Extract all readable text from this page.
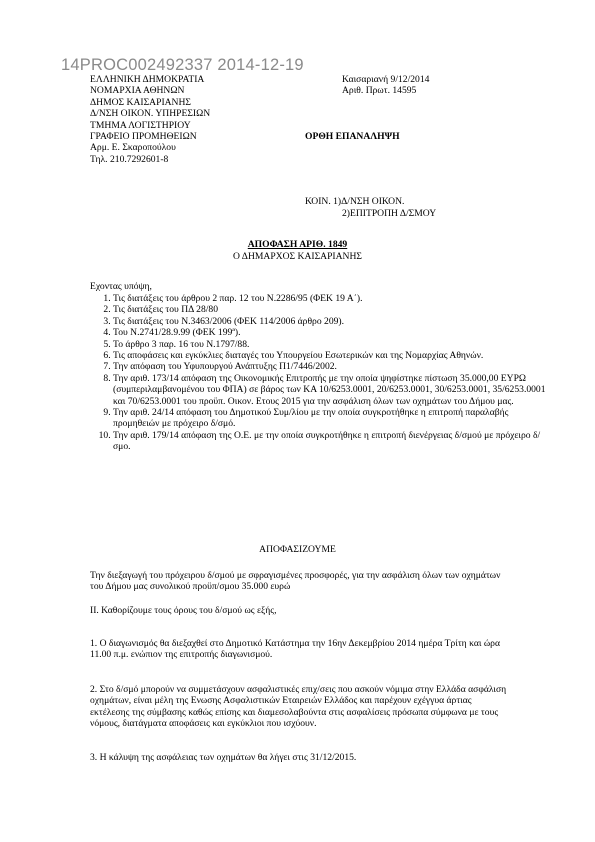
14PROC002492337 2014-12-19
ΕΛΛΗΝΙΚΗ ΔΗΜΟΚΡΑΤΙΑ
ΝΟΜΑΡΧΙΑ ΑΘΗΝΩΝ
ΔΗΜΟΣ ΚΑΙΣΑΡΙΑΝΗΣ
Δ/ΝΣΗ ΟΙΚΟΝ. ΥΠΗΡΕΣΙΩΝ
ΤΜΗΜΑ ΛΟΓΙΣΤΗΡΙΟΥ
ΓΡΑΦΕΙΟ ΠΡΟΜΗΘΕΙΩΝ
Αρμ. Ε. Σκαροπούλου
Τηλ. 210.7292601-8
Καισαριανή 9/12/2014
Αριθ. Πρωτ. 14595
ΟΡΘΗ ΕΠΑΝΑΛΗΨΗ
ΚΟΙΝ. 1)Δ/ΝΣΗ ΟΙΚΟΝ.
2)ΕΠΙΤΡΟΠΗ Δ/ΣΜΟΥ
ΑΠΟΦΑΣΗ ΑΡΙΘ. 1849
Ο ΔΗΜΑΡΧΟΣ ΚΑΙΣΑΡΙΑΝΗΣ
Εχοντας υπόψη,
1. Τις διατάξεις του άρθρου 2 παρ. 12 του Ν.2286/95 (ΦΕΚ 19 Α΄).
2. Τις διατάξεις του ΠΔ 28/80
3. Τις διατάξεις του Ν.3463/2006 (ΦΕΚ 114/2006 άρθρο 209).
4. Του Ν.2741/28.9.99 (ΦΕΚ 199ª).
5. Το άρθρο 3 παρ. 16 του Ν.1797/88.
6. Τις αποφάσεις και εγκύκλιες διαταγές του Υπουργείου Εσωτερικών και της Νομαρχίας Αθηνών.
7. Την απόφαση του Υφυπουργού Ανάπτυξης Π1/7446/2002.
8. Την αριθ. 173/14 απόφαση της Οικονομικής Επιτροπής με την οποία ψηφίστηκε πίστωση 35.000,00 ΕΥΡΩ (συμπεριλαμβανομένου του ΦΠΑ) σε βάρος των ΚΑ 10/6253.0001, 20/6253.0001, 30/6253.0001, 35/6253.0001 και 70/6253.0001 του προϋπ. Οικον. Ετους 2015 για την ασφάλιση όλων των οχημάτων του Δήμου μας.
9. Την αριθ. 24/14 απόφαση του Δημοτικού Συμ/λίου με την οποία συγκροτήθηκε η επιτροπή παραλαβής προμηθειών με πρόχειρο δ/σμό.
10. Την αριθ. 179/14 απόφαση της Ο.Ε. με την οποία συγκροτήθηκε η επιτροπή διενέργειας δ/σμού με πρόχειρο δ/σμο.
ΑΠΟΦΑΣΙΖΟΥΜΕ
Την διεξαγωγή του πρόχειρου δ/σμού με σφραγισμένες προσφορές, για την ασφάλιση όλων των οχημάτων του Δήμου μας συνολικού προϋπ/σμου 35.000 ευρώ
II. Καθορίζουμε τους όρους του δ/σμού ως εξής,
1. Ο διαγωνισμός θα διεξαχθεί στο Δημοτικό Κατάστημα την 16ην Δεκεμβρίου 2014 ημέρα Τρίτη και ώρα 11.00 π.μ. ενώπιον της επιτροπής διαγωνισμού.
2. Στο δ/σμό μπορούν να συμμετάσχουν ασφαλιστικές επιχ/σεις που ασκούν νόμιμα στην Ελλάδα ασφάλιση οχημάτων, είναι μέλη της Ενωσης Ασφαλιστικών Εταιρειών Ελλάδος και παρέχουν εχέγγυα άρτιας εκτέλεσης της σύμβασης καθώς επίσης και διαμεσολαβούντα στις ασφαλίσεις πρόσωπα σύμφωνα με τους νόμους, διατάγματα αποφάσεις και εγκύκλιοι που ισχύουν.
3. Η κάλυψη της ασφάλειας των οχημάτων θα λήγει στις 31/12/2015.
